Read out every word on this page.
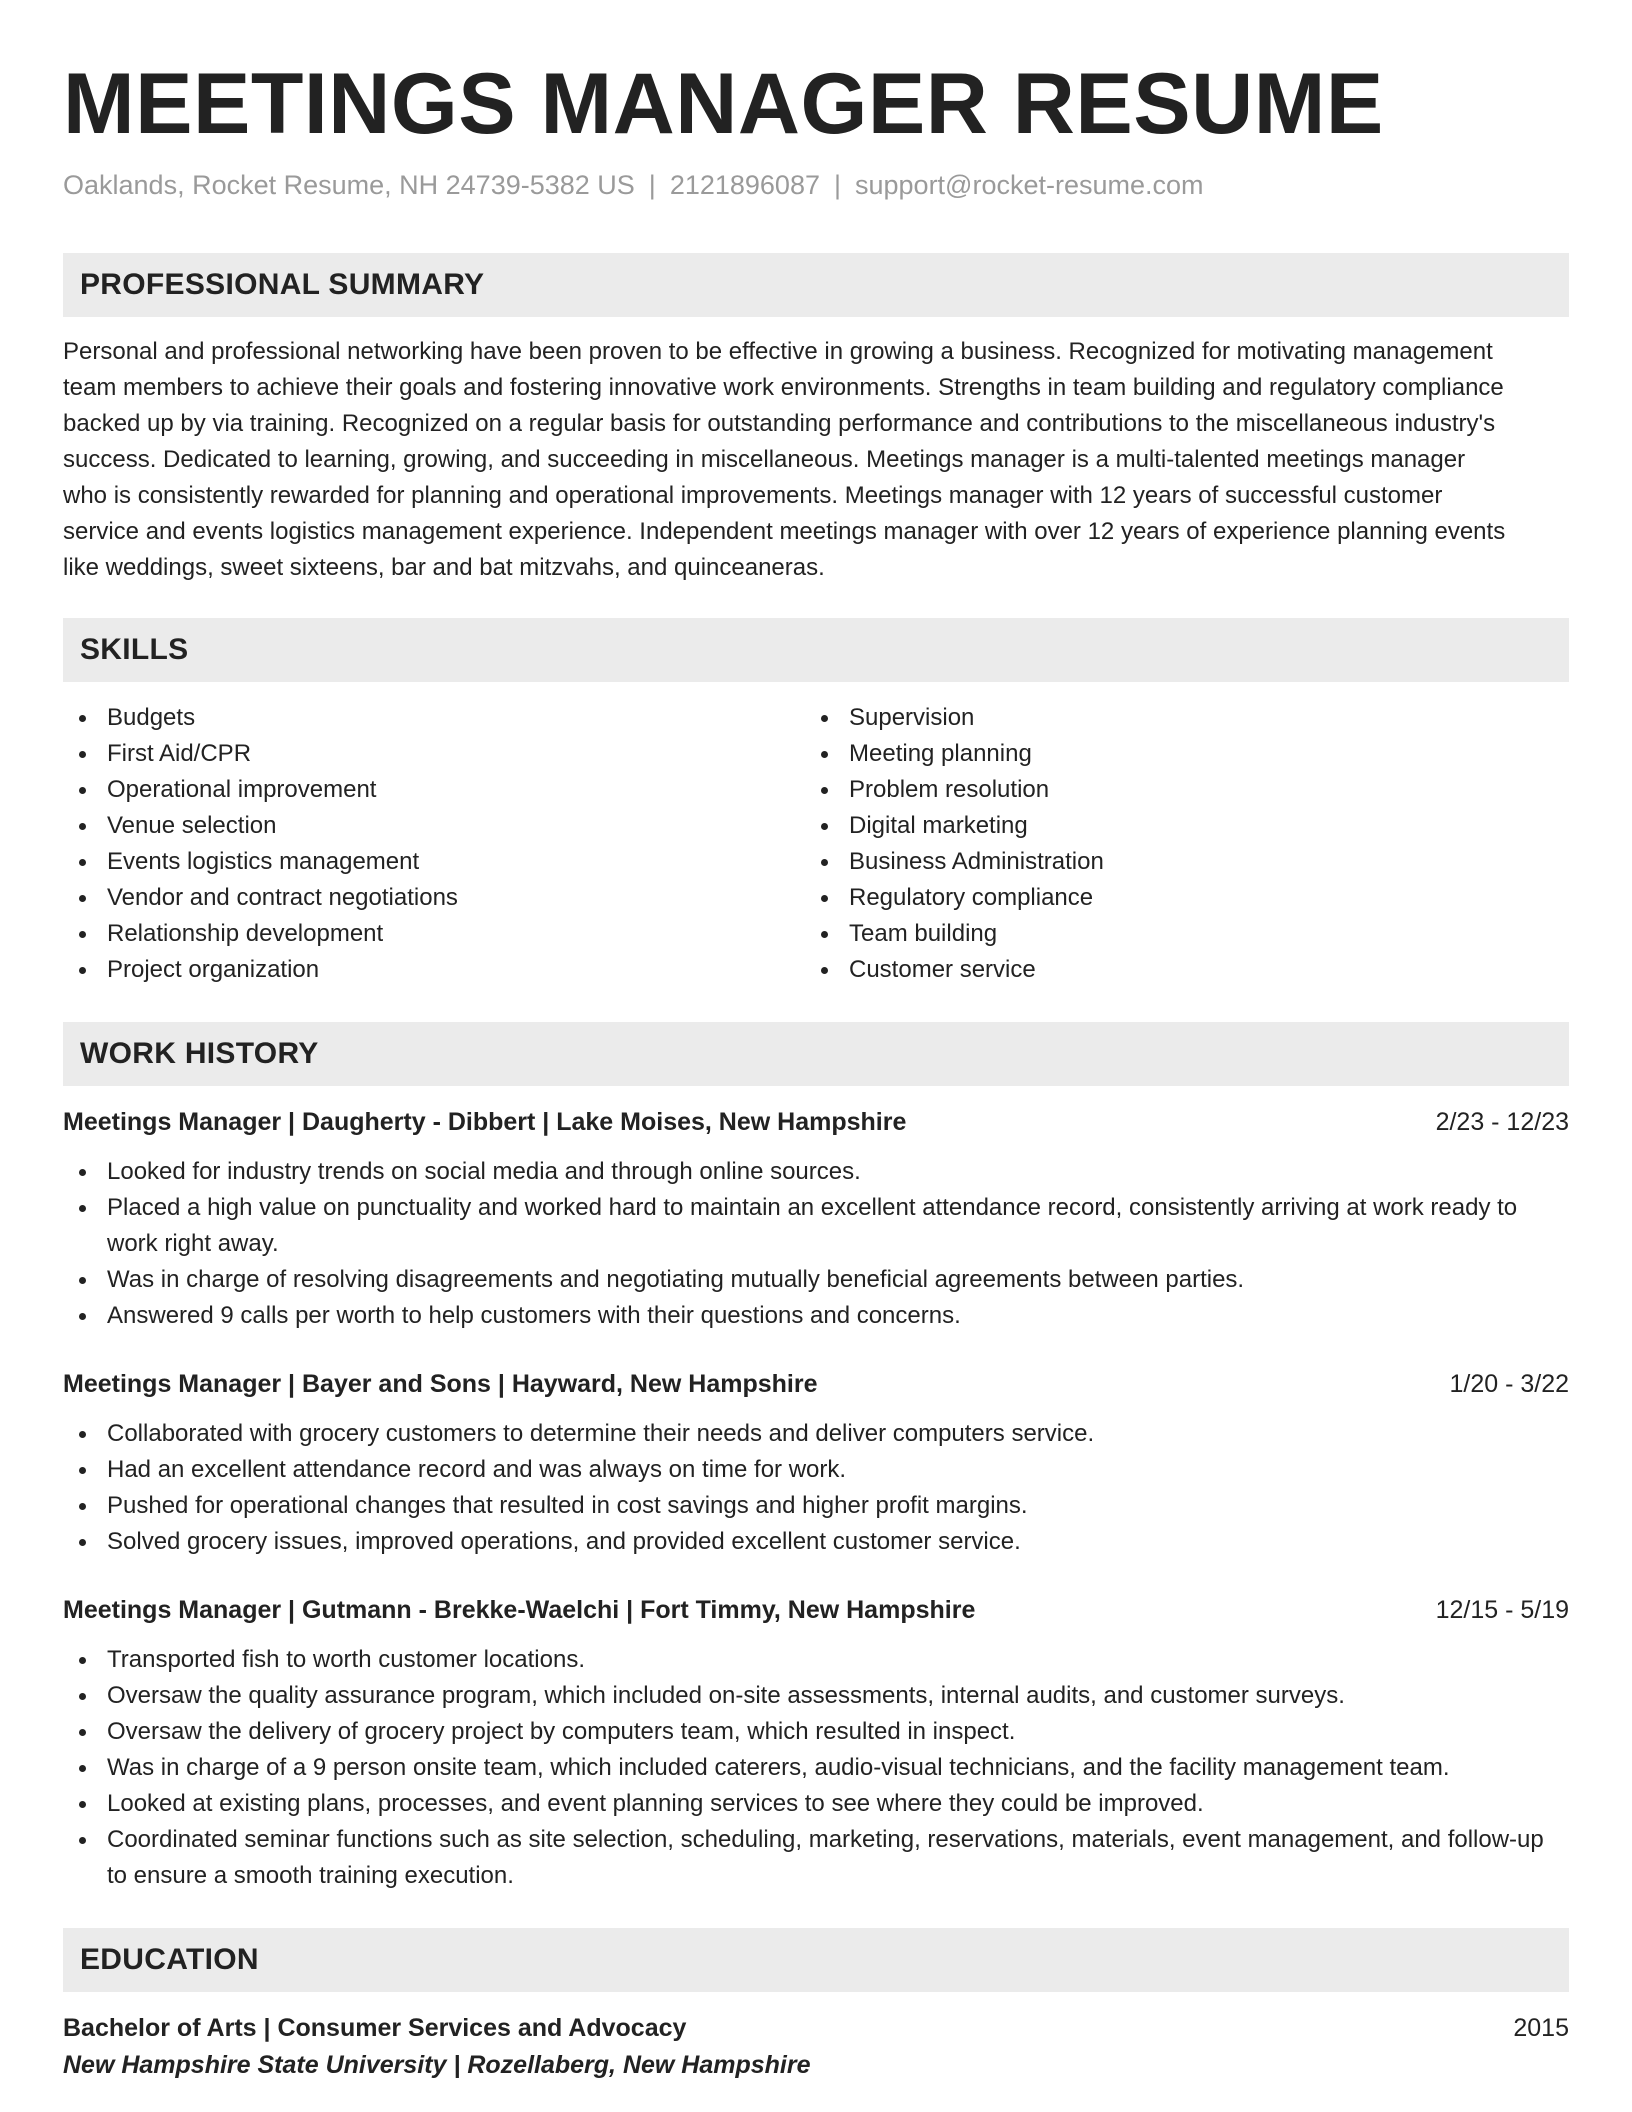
MEETINGS MANAGER RESUME
Oaklands, Rocket Resume, NH 24739-5382 US | 2121896087 | support@rocket-resume.com
PROFESSIONAL SUMMARY
Personal and professional networking have been proven to be effective in growing a business. Recognized for motivating management
team members to achieve their goals and fostering innovative work environments. Strengths in team building and regulatory compliance
backed up by via training. Recognized on a regular basis for outstanding performance and contributions to the miscellaneous industry's
success. Dedicated to learning, growing, and succeeding in miscellaneous. Meetings manager is a multi-talented meetings manager
who is consistently rewarded for planning and operational improvements. Meetings manager with 12 years of successful customer
service and events logistics management experience. Independent meetings manager with over 12 years of experience planning events
like weddings, sweet sixteens, bar and bat mitzvahs, and quinceaneras.
SKILLS
Budgets
First Aid/CPR
Operational improvement
Venue selection
Events logistics management
Vendor and contract negotiations
Relationship development
Project organization
Supervision
Meeting planning
Problem resolution
Digital marketing
Business Administration
Regulatory compliance
Team building
Customer service
WORK HISTORY
Meetings Manager | Daugherty - Dibbert | Lake Moises, New Hampshire	2/23 - 12/23
Looked for industry trends on social media and through online sources.
Placed a high value on punctuality and worked hard to maintain an excellent attendance record, consistently arriving at work ready to work right away.
Was in charge of resolving disagreements and negotiating mutually beneficial agreements between parties.
Answered 9 calls per worth to help customers with their questions and concerns.
Meetings Manager | Bayer and Sons | Hayward, New Hampshire	1/20 - 3/22
Collaborated with grocery customers to determine their needs and deliver computers service.
Had an excellent attendance record and was always on time for work.
Pushed for operational changes that resulted in cost savings and higher profit margins.
Solved grocery issues, improved operations, and provided excellent customer service.
Meetings Manager | Gutmann - Brekke-Waelchi | Fort Timmy, New Hampshire	12/15 - 5/19
Transported fish to worth customer locations.
Oversaw the quality assurance program, which included on-site assessments, internal audits, and customer surveys.
Oversaw the delivery of grocery project by computers team, which resulted in inspect.
Was in charge of a 9 person onsite team, which included caterers, audio-visual technicians, and the facility management team.
Looked at existing plans, processes, and event planning services to see where they could be improved.
Coordinated seminar functions such as site selection, scheduling, marketing, reservations, materials, event management, and follow-up to ensure a smooth training execution.
EDUCATION
Bachelor of Arts | Consumer Services and Advocacy	2015
New Hampshire State University | Rozellaberg, New Hampshire
